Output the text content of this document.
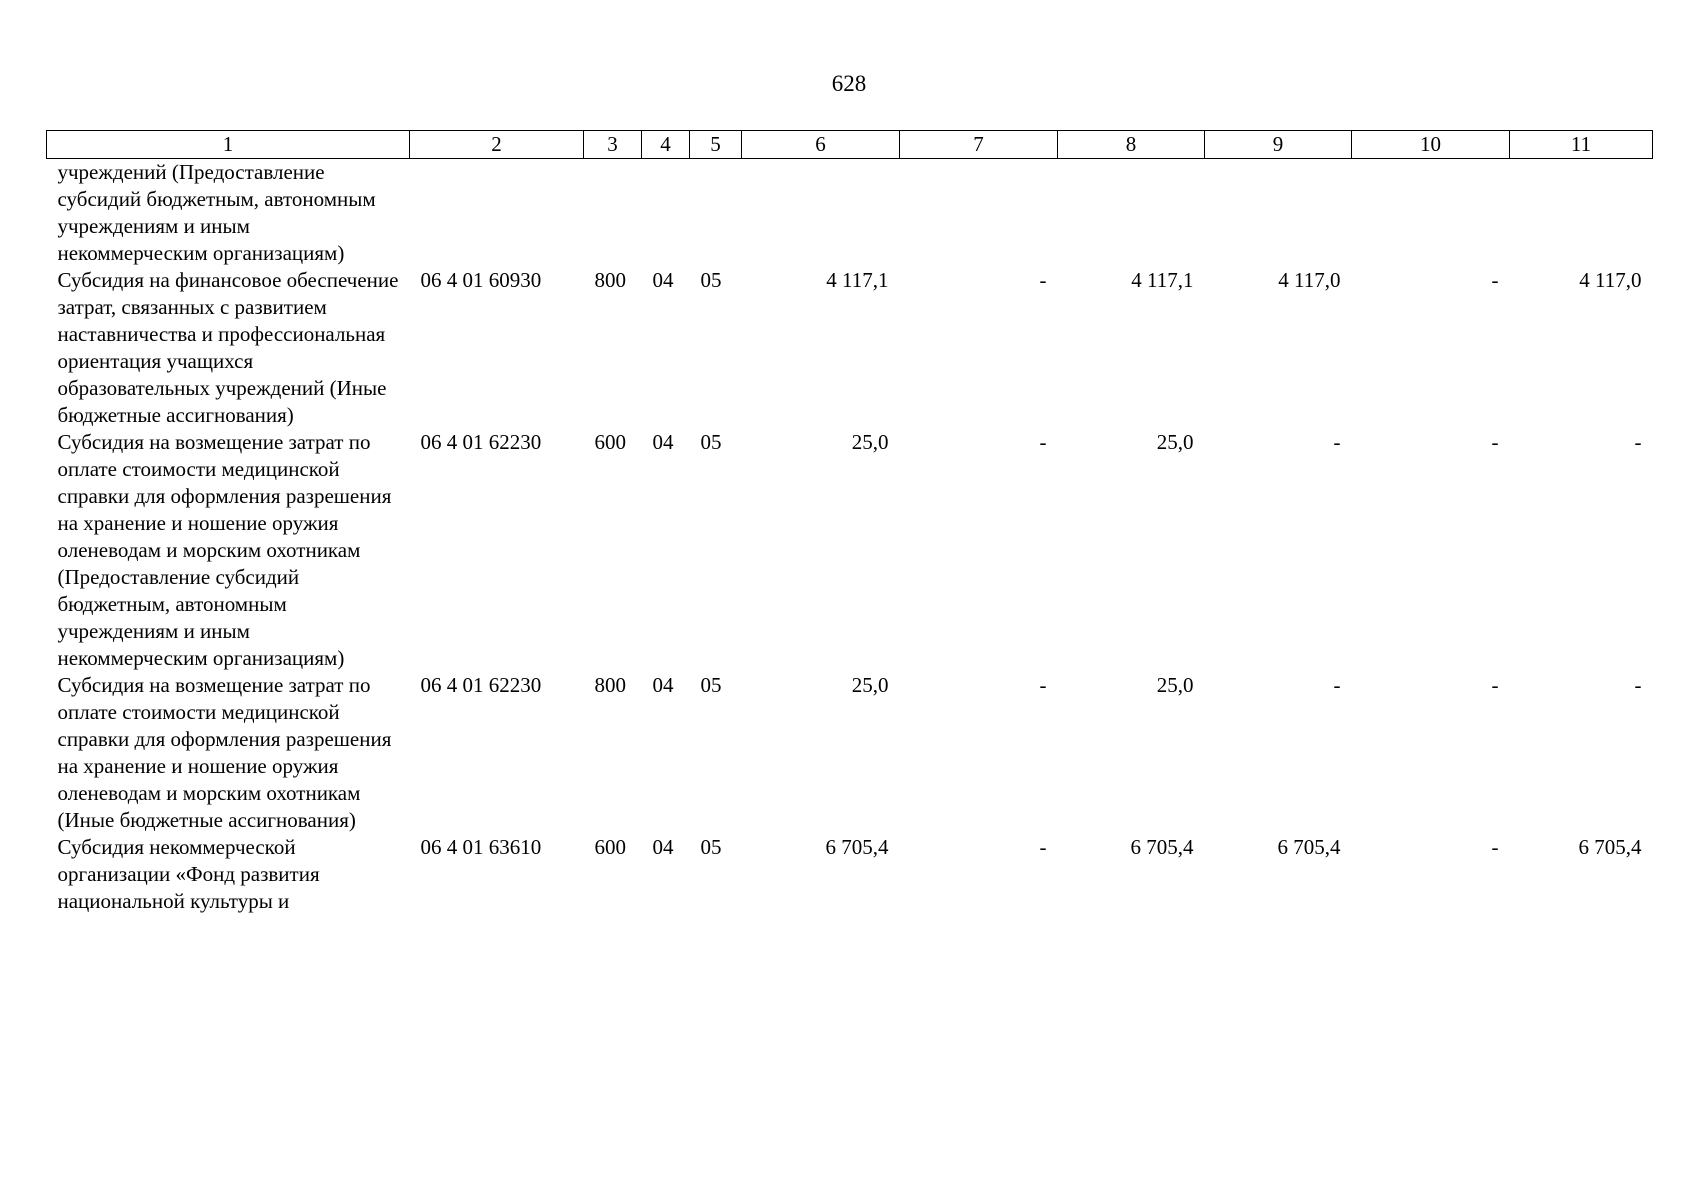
628
1	2	3	4	5	6	7	8	9	10	11
учреждений (Предоставление субсидий бюджетным, автономным учреждениям и иным некоммерческим организациям)										
Субсидия на финансовое обеспечение затрат, связанных с развитием наставничества и профессиональная ориентация учащихся образовательных учреждений (Иные бюджетные ассигнования)	06 4 01 60930	800	04	05	4 117,1	-	4 117,1	4 117,0	-	4 117,0
Субсидия на возмещение затрат по оплате стоимости медицинской справки для оформления разрешения на хранение и ношение оружия оленеводам и морским охотникам (Предоставление субсидий бюджетным, автономным учреждениям и иным некоммерческим организациям)	06 4 01 62230	600	04	05	25,0	-	25,0	-	-	-
Субсидия на возмещение затрат по оплате стоимости медицинской справки для оформления разрешения на хранение и ношение оружия оленеводам и морским охотникам (Иные бюджетные ассигнования)	06 4 01 62230	800	04	05	25,0	-	25,0	-	-	-
Субсидия некоммерческой организации «Фонд развития национальной культуры и	06 4 01 63610	600	04	05	6 705,4	-	6 705,4	6 705,4	-	6 705,4
